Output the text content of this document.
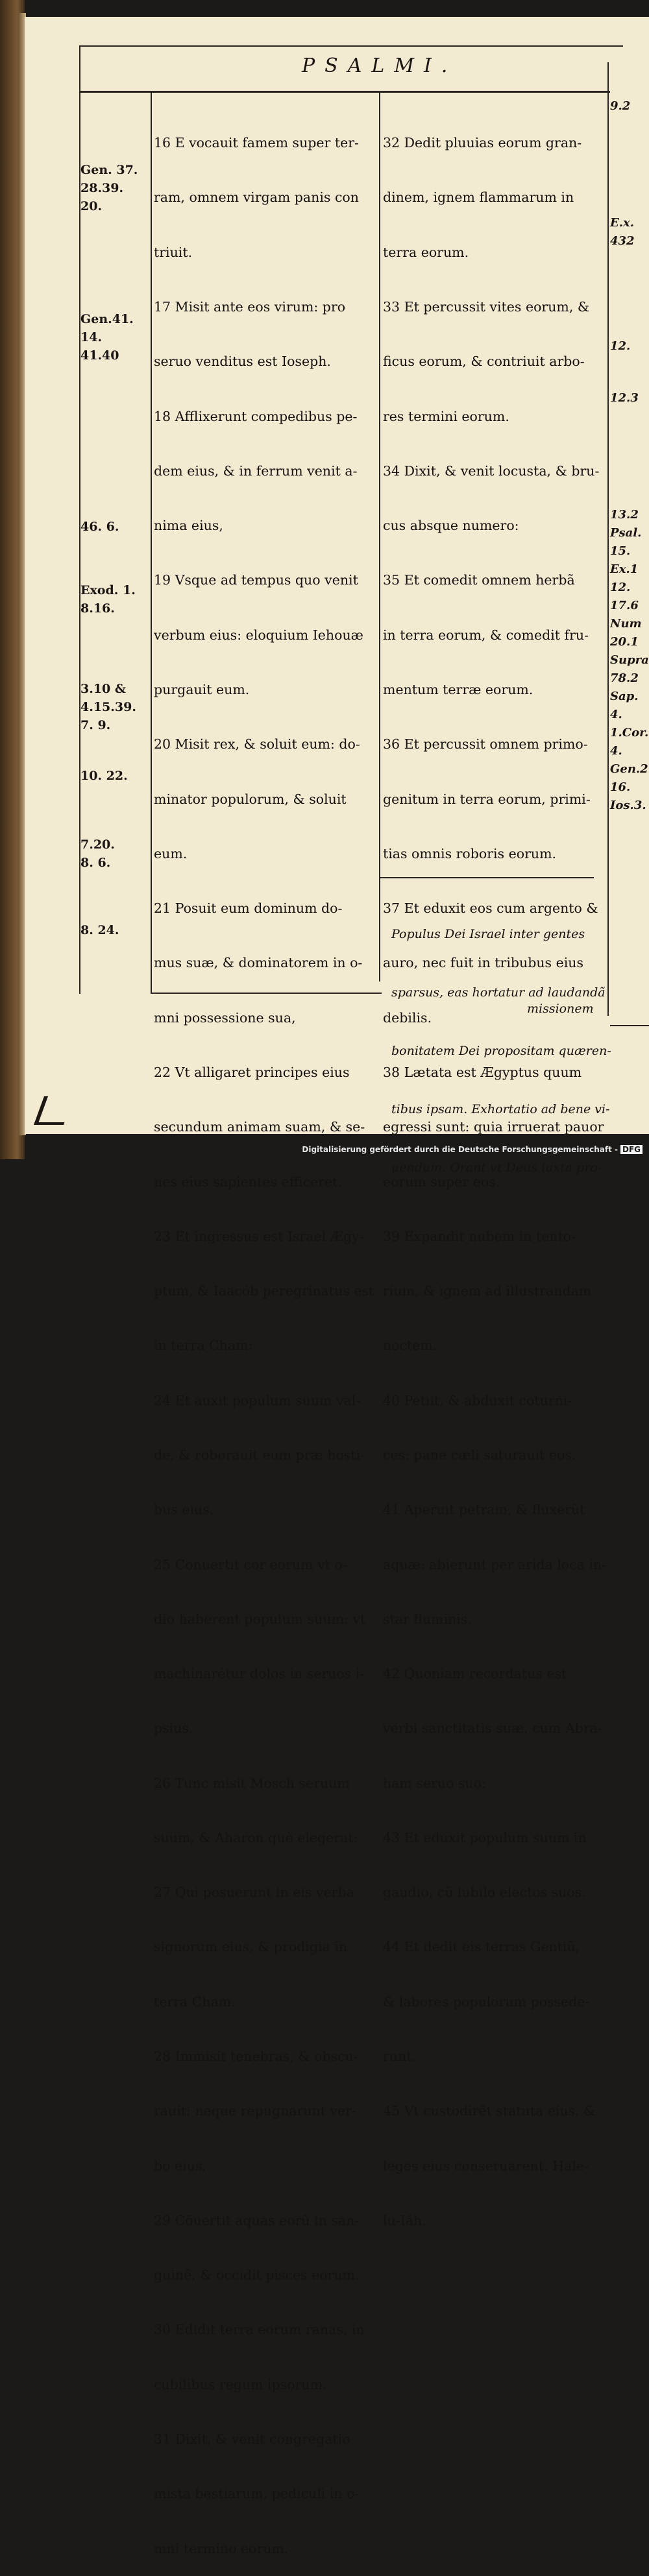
PSALMI.
Gen. 37.
28.39.
20.
Gen.41.
14.
41.40
46. 6.
Exod. 1.
8.16.
3.10 &
4.15.39.
7. 9.
10. 22.
7.20.
8. 6.
8. 24.

16 E vocauit famem super ter-

ram, omnem virgam panis con

triuit.

17 Misit ante eos virum: pro

seruo venditus est Ioseph.

18 Afflixerunt compedibus pe-

dem eius, & in ferrum venit a-

nima eius,

19 Vsque ad tempus quo venit

verbum eius: eloquium Iehouæ

purgauit eum.

20 Misit rex, & soluit eum: do-

minator populorum, & soluit

eum.

21 Posuit eum dominum do-

mus suæ, & dominatorem in o-

mni possessione sua,

22 Vt alligaret principes eius

secundum animam suam, & se-

nes eius sapientes efficeret.

23 Et ingressus est Israel Ægy-

ptum, & Iaacób peregrinatus est

in terra Cham:

24 Et auxit populum suum val-

de, & roborauit eum præ hosti-

bus eius.

25 Conuertit cor eorum vt o-

dio haberent populum suum: vt

machinarétur dolos in seruos i-

psius.

26 Tunc misit Mosch seruum

suum, & Aharon què elegerat:

27 Qui posuerunt in eis verba

signorum eius, & prodigia in

terra Cham.

28 Immisit tenebras, & obscu-

rauit: neque repugnarunt ver-

bo eius.

29 Cõuertit aquas eorũ in san-

guinẽ, & occidit pisces eorum.

30 Edidit terra eorum ranas, in

cubilibus regum ipsorum.

31 Dixit, & venit congregatio

mista bestiarum, pediculi in o-

mni termino eorum.

32 Dedit pluuias eorum gran-

dinem, ignem flammarum in

terra eorum.

33 Et percussit vites eorum, &

ficus eorum, & contriuit arbo-

res termini eorum.

34 Dixit, & venit locusta, & bru-

cus absque numero:

35 Et comedit omnem herbã

in terra eorum, & comedit fru-

mentum terræ eorum.

36 Et percussit omnem primo-

genitum in terra eorum, primi-

tias omnis roboris eorum.

37 Et eduxit eos cum argento &

auro, nec fuit in tribubus eius

debilis.

38 Lætata est Ægyptus quum

egressi sunt: quia irruerat pauor

eorum super eos.

39 Expandit nubem in tento-

rium, & ignem ad illustrandam

noctem.

40 Petiit, & abduxit coturni-

ces: pane cæli saturauit eos.

41 Aperuit petram, & fluxerũt

aquæ: abierunt per arida loca in-

star fluminis.

42 Quoniam recordatus est

verbi sanctitatis suæ, cum Abra-

ham seruo suo:

43 Et eduxit populum suum in

gaudio, cũ iubilo electos suos.

44 Et dedit eis terras Gentiũ,

& labores populorum possede-

runt.

45 Vt custodirẽt statuta eius, &

leges eius conseruarent. Hale-

lu-Iáh.

Populus Dei Israel inter gentes

sparsus, eas hortatur ad laudandã

bonitatem Dei propositam quæren-

tibus ipsam. Exhortatio ad bene vi-

uendum. Orant vt Deus iuxta pro-

missionem
9.2
E.x.
432
12.
12.3
13.2
Psal.
15.
Ex.1
12.
17.6
Num
20.1
Supra
78.2
Sap.
4.
1.Cor.
4.
Gen.2
16.
Ios.3.
Digitalisierung gefördert durch die Deutsche Forschungsgemeinschaft - DFG
